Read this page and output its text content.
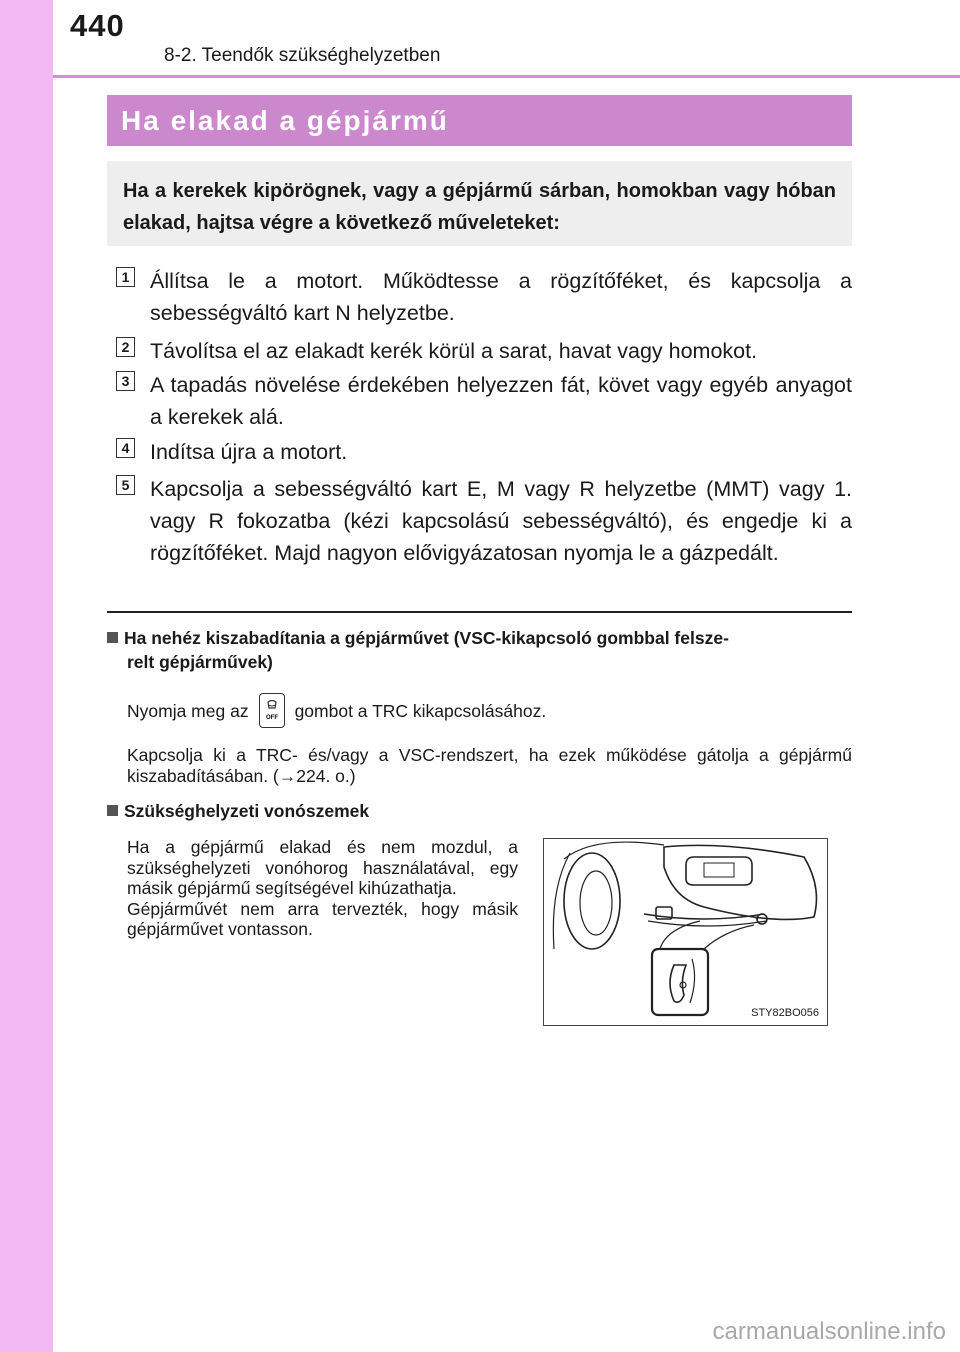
440
8-2. Teendők szükséghelyzetben
Ha elakad a gépjármű
Ha a kerekek kipörögnek, vagy a gépjármű sárban, homokban vagy hóban elakad, hajtsa végre a következő műveleteket:
1 Állítsa le a motort. Működtesse a rögzítőféket, és kapcsolja a sebességváltó kart N helyzetbe.
2 Távolítsa el az elakadt kerék körül a sarat, havat vagy homokot.
3 A tapadás növelése érdekében helyezzen fát, követ vagy egyéb anyagot a kerekek alá.
4 Indítsa újra a motort.
5 Kapcsolja a sebességváltó kart E, M vagy R helyzetbe (MMT) vagy 1. vagy R fokozatba (kézi kapcsolású sebességváltó), és engedje ki a rögzítőféket. Majd nagyon elővigyázatosan nyomja le a gázpedált.
Ha nehéz kiszabadítania a gépjárművet (VSC-kikapcsoló gombbal felsze-
relt gépjárművek)
Nyomja meg az	OFF gombot a TRC kikapcsolásához.
Kapcsolja ki a TRC- és/vagy a VSC-rendszert, ha ezek működése gátolja a gépjármű kiszabadításában. (→224. o.)
Szükséghelyzeti vonószemek
Ha a gépjármű elakad és nem mozdul, a szükséghelyzeti vonóhorog használatával, egy másik gépjármű segítségével kihúzathatja.
Gépjárművét nem arra tervezték, hogy másik gépjárművet vontasson.
STY82BO056
carmanualsonline.info
